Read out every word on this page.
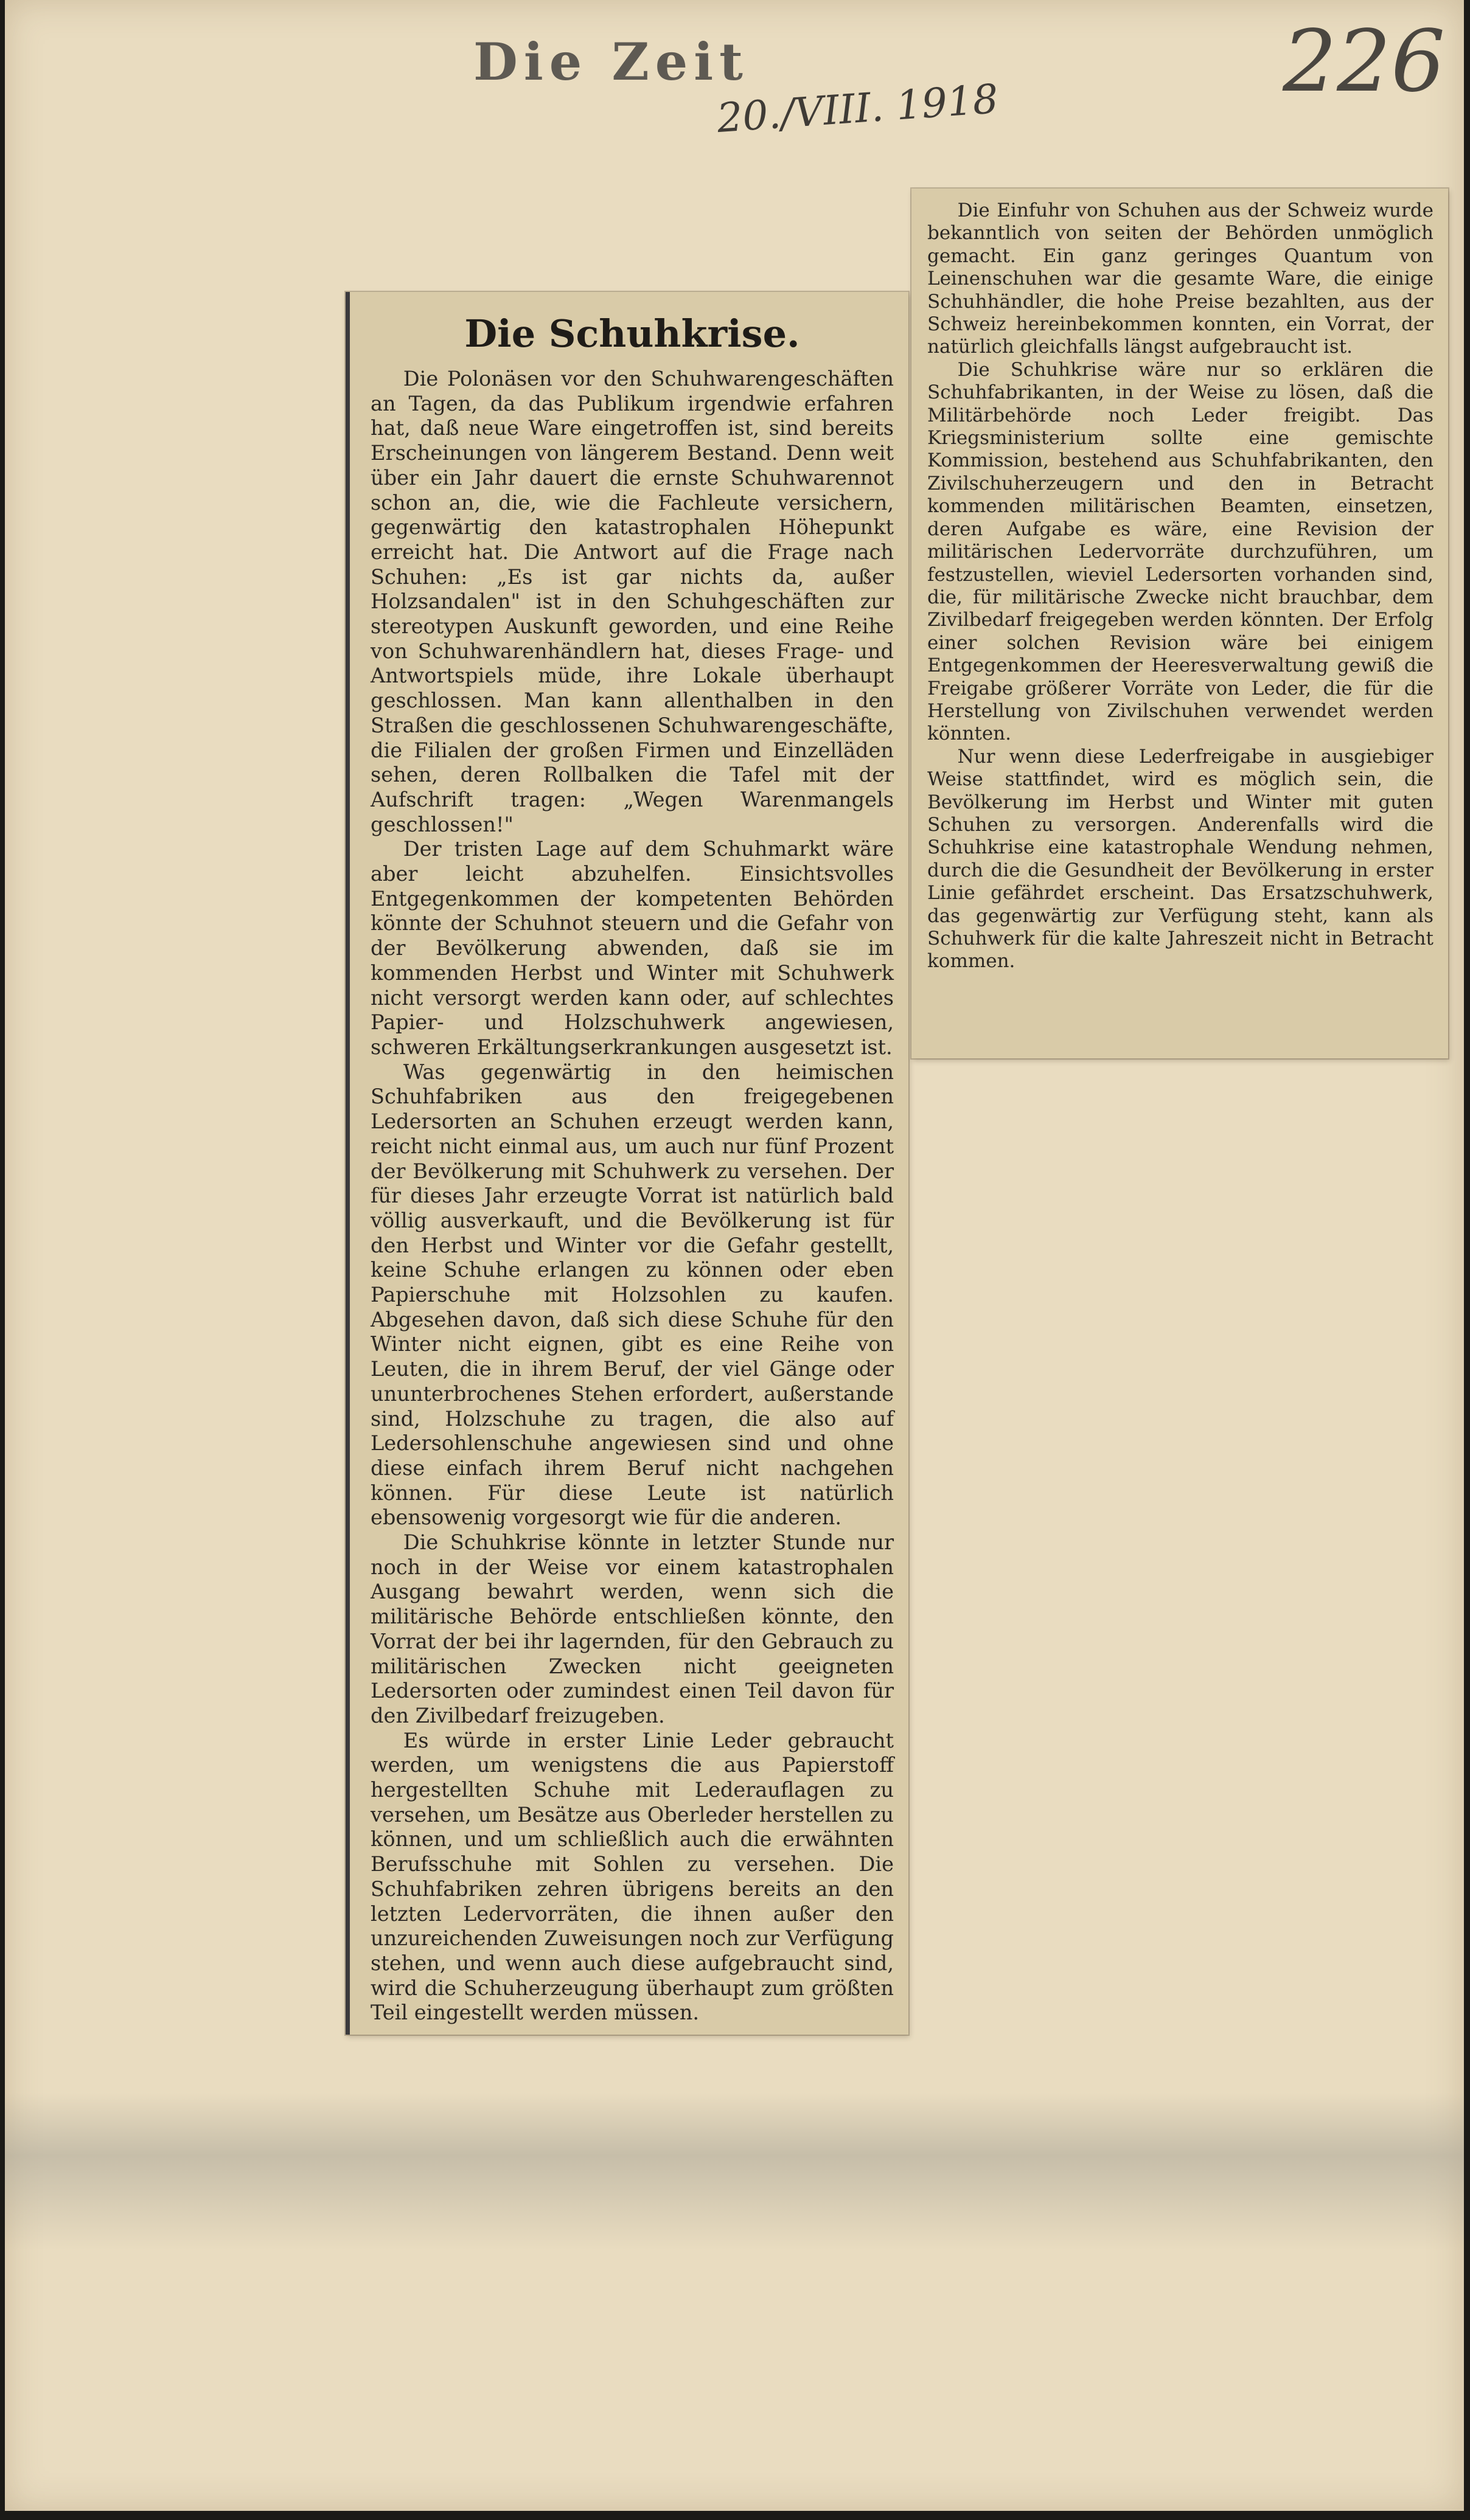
Die Zeit
20./VIII. 1918	226
Die Schuhkrise.

Die Polonäsen vor den Schuhwarengeschäften an Tagen, da das Publikum irgendwie erfahren hat, daß neue Ware eingetroffen ist, sind bereits Erscheinungen von längerem Bestand. Denn weit über ein Jahr dauert die ernste Schuhwarennot schon an, die, wie die Fachleute versichern, gegenwärtig den katastrophalen Höhepunkt erreicht hat. Die Antwort auf die Frage nach Schuhen: „Es ist gar nichts da, außer Holzsandalen" ist in den Schuhgeschäften zur stereotypen Auskunft geworden, und eine Reihe von Schuhwarenhändlern hat, dieses Frage- und Antwortspiels müde, ihre Lokale überhaupt geschlossen. Man kann allenthalben in den Straßen die geschlossenen Schuhwarengeschäfte, die Filialen der großen Firmen und Einzelläden sehen, deren Rollbalken die Tafel mit der Aufschrift tragen: „Wegen Warenmangels geschlossen!"

Der tristen Lage auf dem Schuhmarkt wäre aber leicht abzuhelfen. Einsichtsvolles Entgegenkommen der kompetenten Behörden könnte der Schuhnot steuern und die Gefahr von der Bevölkerung abwenden, daß sie im kommenden Herbst und Winter mit Schuhwerk nicht versorgt werden kann oder, auf schlechtes Papier- und Holzschuhwerk angewiesen, schweren Erkältungserkrankungen ausgesetzt ist.

Was gegenwärtig in den heimischen Schuhfabriken aus den freigegebenen Ledersorten an Schuhen erzeugt werden kann, reicht nicht einmal aus, um auch nur fünf Prozent der Bevölkerung mit Schuhwerk zu versehen. Der für dieses Jahr erzeugte Vorrat ist natürlich bald völlig ausverkauft, und die Bevölkerung ist für den Herbst und Winter vor die Gefahr gestellt, keine Schuhe erlangen zu können oder eben Papierschuhe mit Holzsohlen zu kaufen. Abgesehen davon, daß sich diese Schuhe für den Winter nicht eignen, gibt es eine Reihe von Leuten, die in ihrem Beruf, der viel Gänge oder ununterbrochenes Stehen erfordert, außerstande sind, Holzschuhe zu tragen, die also auf Ledersohlenschuhe angewiesen sind und ohne diese einfach ihrem Beruf nicht nachgehen können. Für diese Leute ist natürlich ebensowenig vorgesorgt wie für die anderen.

Die Schuhkrise könnte in letzter Stunde nur noch in der Weise vor einem katastrophalen Ausgang bewahrt werden, wenn sich die militärische Behörde entschließen könnte, den Vorrat der bei ihr lagernden, für den Gebrauch zu militärischen Zwecken nicht geeigneten Ledersorten oder zumindest einen Teil davon für den Zivilbedarf freizugeben.

Es würde in erster Linie Leder gebraucht werden, um wenigstens die aus Papierstoff hergestellten Schuhe mit Lederauflagen zu versehen, um Besätze aus Oberleder herstellen zu können, und um schließlich auch die erwähnten Berufsschuhe mit Sohlen zu versehen. Die Schuhfabriken zehren übrigens bereits an den letzten Ledervorräten, die ihnen außer den unzureichenden Zuweisungen noch zur Verfügung stehen, und wenn auch diese aufgebraucht sind, wird die Schuherzeugung überhaupt zum größten Teil eingestellt werden müssen.

Die Einfuhr von Schuhen aus der Schweiz wurde bekanntlich von seiten der Behörden unmöglich gemacht. Ein ganz geringes Quantum von Leinenschuhen war die gesamte Ware, die einige Schuhhändler, die hohe Preise bezahlten, aus der Schweiz hereinbekommen konnten, ein Vorrat, der natürlich gleichfalls längst aufgebraucht ist.

Die Schuhkrise wäre nur so erklären die Schuhfabrikanten, in der Weise zu lösen, daß die Militärbehörde noch Leder freigibt. Das Kriegsministerium sollte eine gemischte Kommission, bestehend aus Schuhfabrikanten, den Zivilschuherzeugern und den in Betracht kommenden militärischen Beamten, einsetzen, deren Aufgabe es wäre, eine Revision der militärischen Ledervorräte durchzuführen, um festzustellen, wieviel Ledersorten vorhanden sind, die, für militärische Zwecke nicht brauchbar, dem Zivilbedarf freigegeben werden könnten. Der Erfolg einer solchen Revision wäre bei einigem Entgegenkommen der Heeresverwaltung gewiß die Freigabe größerer Vorräte von Leder, die für die Herstellung von Zivilschuhen verwendet werden könnten.

Nur wenn diese Lederfreigabe in ausgiebiger Weise stattfindet, wird es möglich sein, die Bevölkerung im Herbst und Winter mit guten Schuhen zu versorgen. Anderenfalls wird die Schuhkrise eine katastrophale Wendung nehmen, durch die die Gesundheit der Bevölkerung in erster Linie gefährdet erscheint. Das Ersatzschuhwerk, das gegenwärtig zur Verfügung steht, kann als Schuhwerk für die kalte Jahreszeit nicht in Betracht kommen.
